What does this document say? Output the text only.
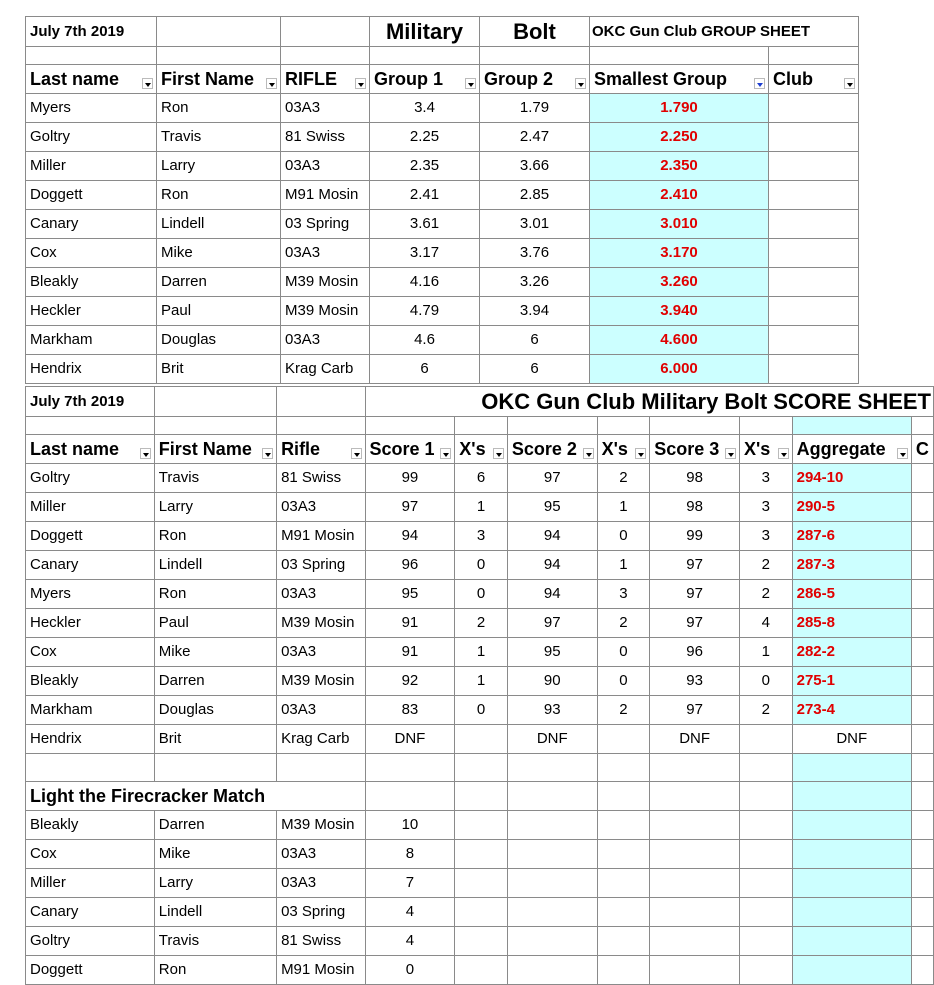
July 7th 2019			Military	Bolt	OKC Gun Club GROUP SHEET	

Last name	First Name	RIFLE	Group 1	Group 2	Smallest Group	Club

Myers	Ron	03A3	3.4	1.79	1.790	
Goltry	Travis	81 Swiss	2.25	2.47	2.250	
Miller	Larry	03A3	2.35	3.66	2.350	
Doggett	Ron	M91 Mosin	2.41	2.85	2.410	
Canary	Lindell	03 Spring	3.61	3.01	3.010	
Cox	Mike	03A3	3.17	3.76	3.170	
Bleakly	Darren	M39 Mosin	4.16	3.26	3.260	
Heckler	Paul	M39 Mosin	4.79	3.94	3.940	
Markham	Douglas	03A3	4.6	6	4.600	
Hendrix	Brit	Krag Carb	6	6	6.000	
July 7th 2019			OKC Gun Club Military Bolt SCORE SHEET							

Last name	First Name	Rifle	Score 1	X's	Score 2	X's	Score 3	X's	Aggregate	C
Goltry	Travis	81 Swiss	99	6	97	2	98	3	294-10	
Miller	Larry	03A3	97	1	95	1	98	3	290-5	
Doggett	Ron	M91 Mosin	94	3	94	0	99	3	287-6	
Canary	Lindell	03 Spring	96	0	94	1	97	2	287-3	
Myers	Ron	03A3	95	0	94	3	97	2	286-5	
Heckler	Paul	M39 Mosin	91	2	97	2	97	4	285-8	
Cox	Mike	03A3	91	1	95	0	96	1	282-2	
Bleakly	Darren	M39 Mosin	92	1	90	0	93	0	275-1	
Markham	Douglas	03A3	83	0	93	2	97	2	273-4	
Hendrix	Brit	Krag Carb	DNF		DNF		DNF		DNF	

Light the Firecracker Match										
Bleakly	Darren	M39 Mosin	10							
Cox	Mike	03A3	8							
Miller	Larry	03A3	7							
Canary	Lindell	03 Spring	4							
Goltry	Travis	81 Swiss	4							
Doggett	Ron	M91 Mosin	0							
